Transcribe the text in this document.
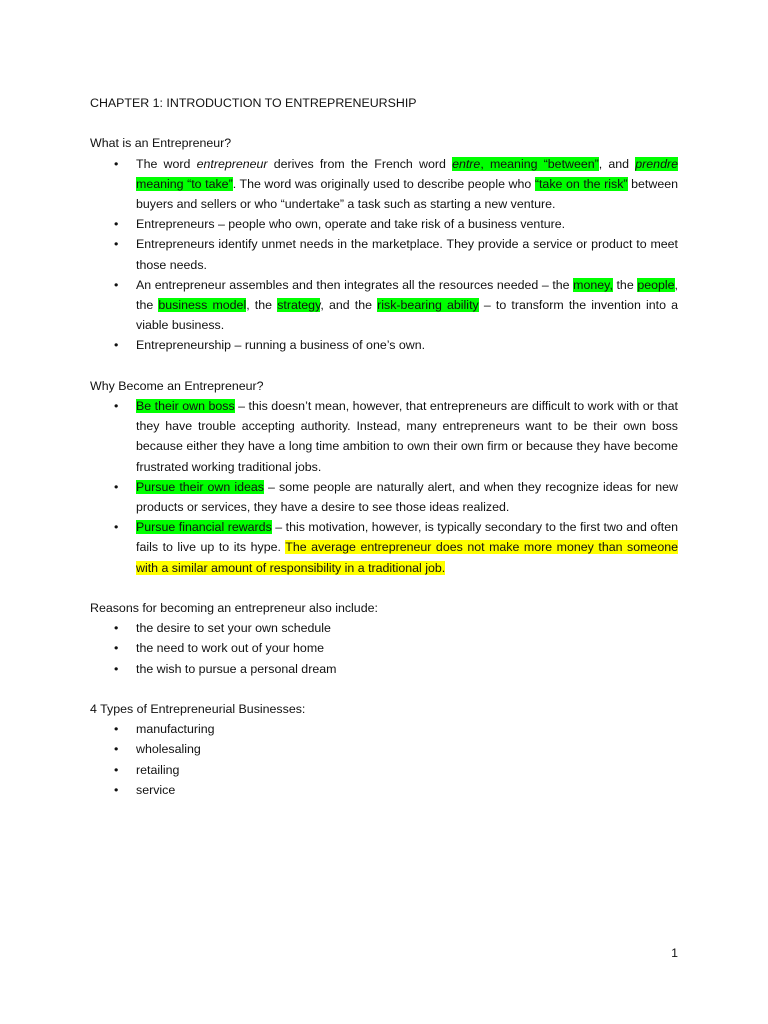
CHAPTER 1: INTRODUCTION TO ENTREPRENEURSHIP

What is an Entrepreneur?

• The word entrepreneur derives from the French word entre, meaning “between”, and prendre meaning “to take”. The word was originally used to describe people who “take on the risk” between buyers and sellers or who “undertake” a task such as starting a new venture.
• Entrepreneurs – people who own, operate and take risk of a business venture.
• Entrepreneurs identify unmet needs in the marketplace. They provide a service or product to meet those needs.
• An entrepreneur assembles and then integrates all the resources needed – the money, the people, the business model, the strategy, and the risk-bearing ability – to transform the invention into a viable business.
• Entrepreneurship – running a business of one’s own.

Why Become an Entrepreneur?

• Be their own boss – this doesn’t mean, however, that entrepreneurs are difficult to work with or that they have trouble accepting authority. Instead, many entrepreneurs want to be their own boss because either they have a long time ambition to own their own firm or because they have become frustrated working traditional jobs.
• Pursue their own ideas – some people are naturally alert, and when they recognize ideas for new products or services, they have a desire to see those ideas realized.
• Pursue financial rewards – this motivation, however, is typically secondary to the first two and often fails to live up to its hype. The average entrepreneur does not make more money than someone with a similar amount of responsibility in a traditional job.

Reasons for becoming an entrepreneur also include:

• the desire to set your own schedule
• the need to work out of your home
• the wish to pursue a personal dream

4 Types of Entrepreneurial Businesses:

• manufacturing
• wholesaling
• retailing
• service
1
